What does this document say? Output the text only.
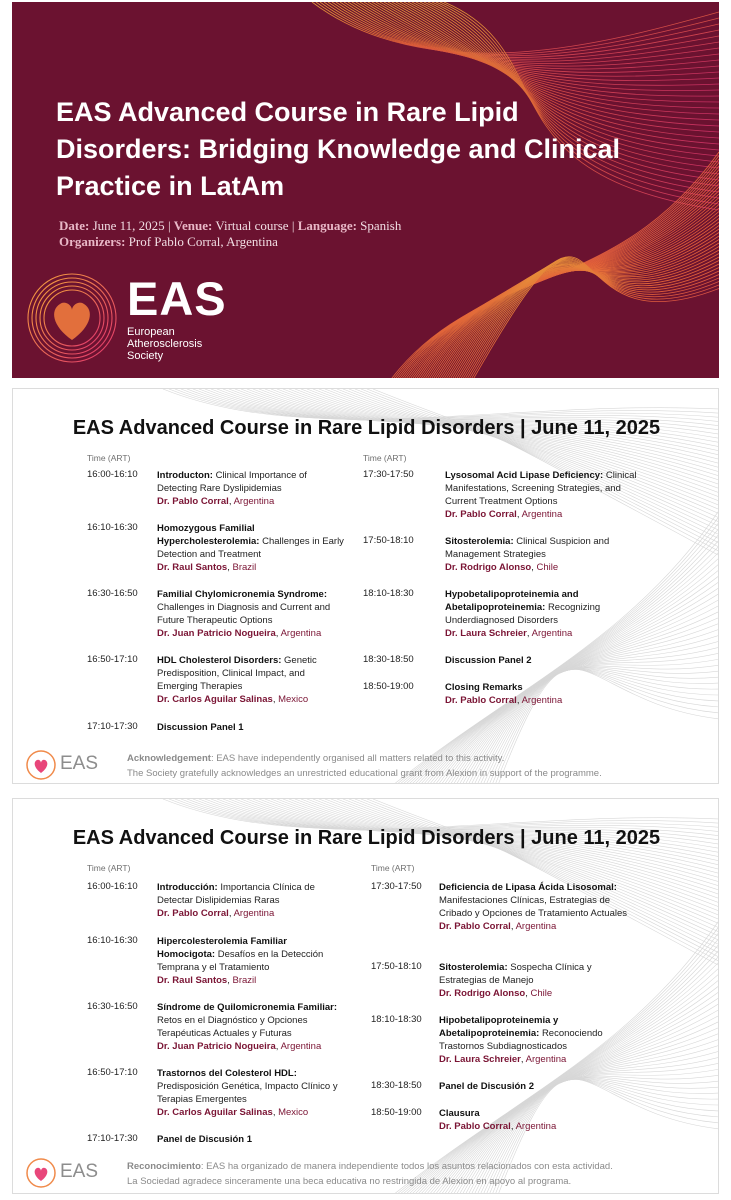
EAS Advanced Course in Rare Lipid Disorders: Bridging Knowledge and Clinical Practice in LatAm
Date: June 11, 2025 | Venue: Virtual course | Language: Spanish
Organizers: Prof Pablo Corral, Argentina
EAS
European
Atherosclerosis
Society
EAS Advanced Course in Rare Lipid Disorders | June 11, 2025
Time (ART)	Time (ART)
16:00-16:10 Introducton: Clinical Importance of Detecting Rare Dyslipidemias
Dr. Pablo Corral, Argentina
16:10-16:30 Homozygous Familial Hypercholesterolemia: Challenges in Early Detection and Treatment
Dr. Raul Santos, Brazil
16:30-16:50 Familial Chylomicronemia Syndrome: Challenges in Diagnosis and Current and Future Therapeutic Options
Dr. Juan Patricio Nogueira, Argentina
16:50-17:10 HDL Cholesterol Disorders: Genetic Predisposition, Clinical Impact, and Emerging Therapies
Dr. Carlos Aguilar Salinas, Mexico
17:10-17:30 Discussion Panel 1
17:30-17:50	Lysosomal Acid Lipase Deficiency: Clinical Manifestations, Screening Strategies, and Current Treatment Options
Dr. Pablo Corral, Argentina
17:50-18:10	Sitosterolemia: Clinical Suspicion and Management Strategies
Dr. Rodrigo Alonso, Chile
18:10-18:30	Hypobetalipoproteinemia and Abetalipoproteinemia: Recognizing Underdiagnosed Disorders
Dr. Laura Schreier, Argentina
18:30-18:50	Discussion Panel 2
18:50-19:00	Closing Remarks
Dr. Pablo Corral, Argentina
EAS	Acknowledgement: EAS have independently organised all matters related to this activity.
The Society gratefully acknowledges an unrestricted educational grant from Alexion in support of the programme.
EAS Advanced Course in Rare Lipid Disorders | June 11, 2025
Time (ART)	Time (ART)
16:00-16:10 Introducción: Importancia Clínica de Detectar Dislipidemias Raras
Dr. Pablo Corral, Argentina
16:10-16:30 Hipercolesterolemia Familiar Homocigota: Desafíos en la Detección Temprana y el Tratamiento
Dr. Raul Santos, Brazil
16:30-16:50 Síndrome de Quilomicronemia Familiar: Retos en el Diagnóstico y Opciones Terapéuticas Actuales y Futuras
Dr. Juan Patricio Nogueira, Argentina
16:50-17:10 Trastornos del Colesterol HDL: Predisposición Genética, Impacto Clínico y Terapias Emergentes
Dr. Carlos Aguilar Salinas, Mexico
17:10-17:30 Panel de Discusión 1
17:30-17:50 Deficiencia de Lipasa Ácida Lisosomal: Manifestaciones Clínicas, Estrategias de Cribado y Opciones de Tratamiento Actuales
Dr. Pablo Corral, Argentina
17:50-18:10 Sitosterolemia: Sospecha Clínica y Estrategias de Manejo
Dr. Rodrigo Alonso, Chile
18:10-18:30 Hipobetalipoproteinemia y Abetalipoproteinemia: Reconociendo Trastornos Subdiagnosticados
Dr. Laura Schreier, Argentina
18:30-18:50 Panel de Discusión 2
18:50-19:00 Clausura
Dr. Pablo Corral, Argentina
EAS	Reconocimiento: EAS ha organizado de manera independiente todos los asuntos relacionados con esta actividad.
La Sociedad agradece sinceramente una beca educativa no restringida de Alexion en apoyo al programa.
